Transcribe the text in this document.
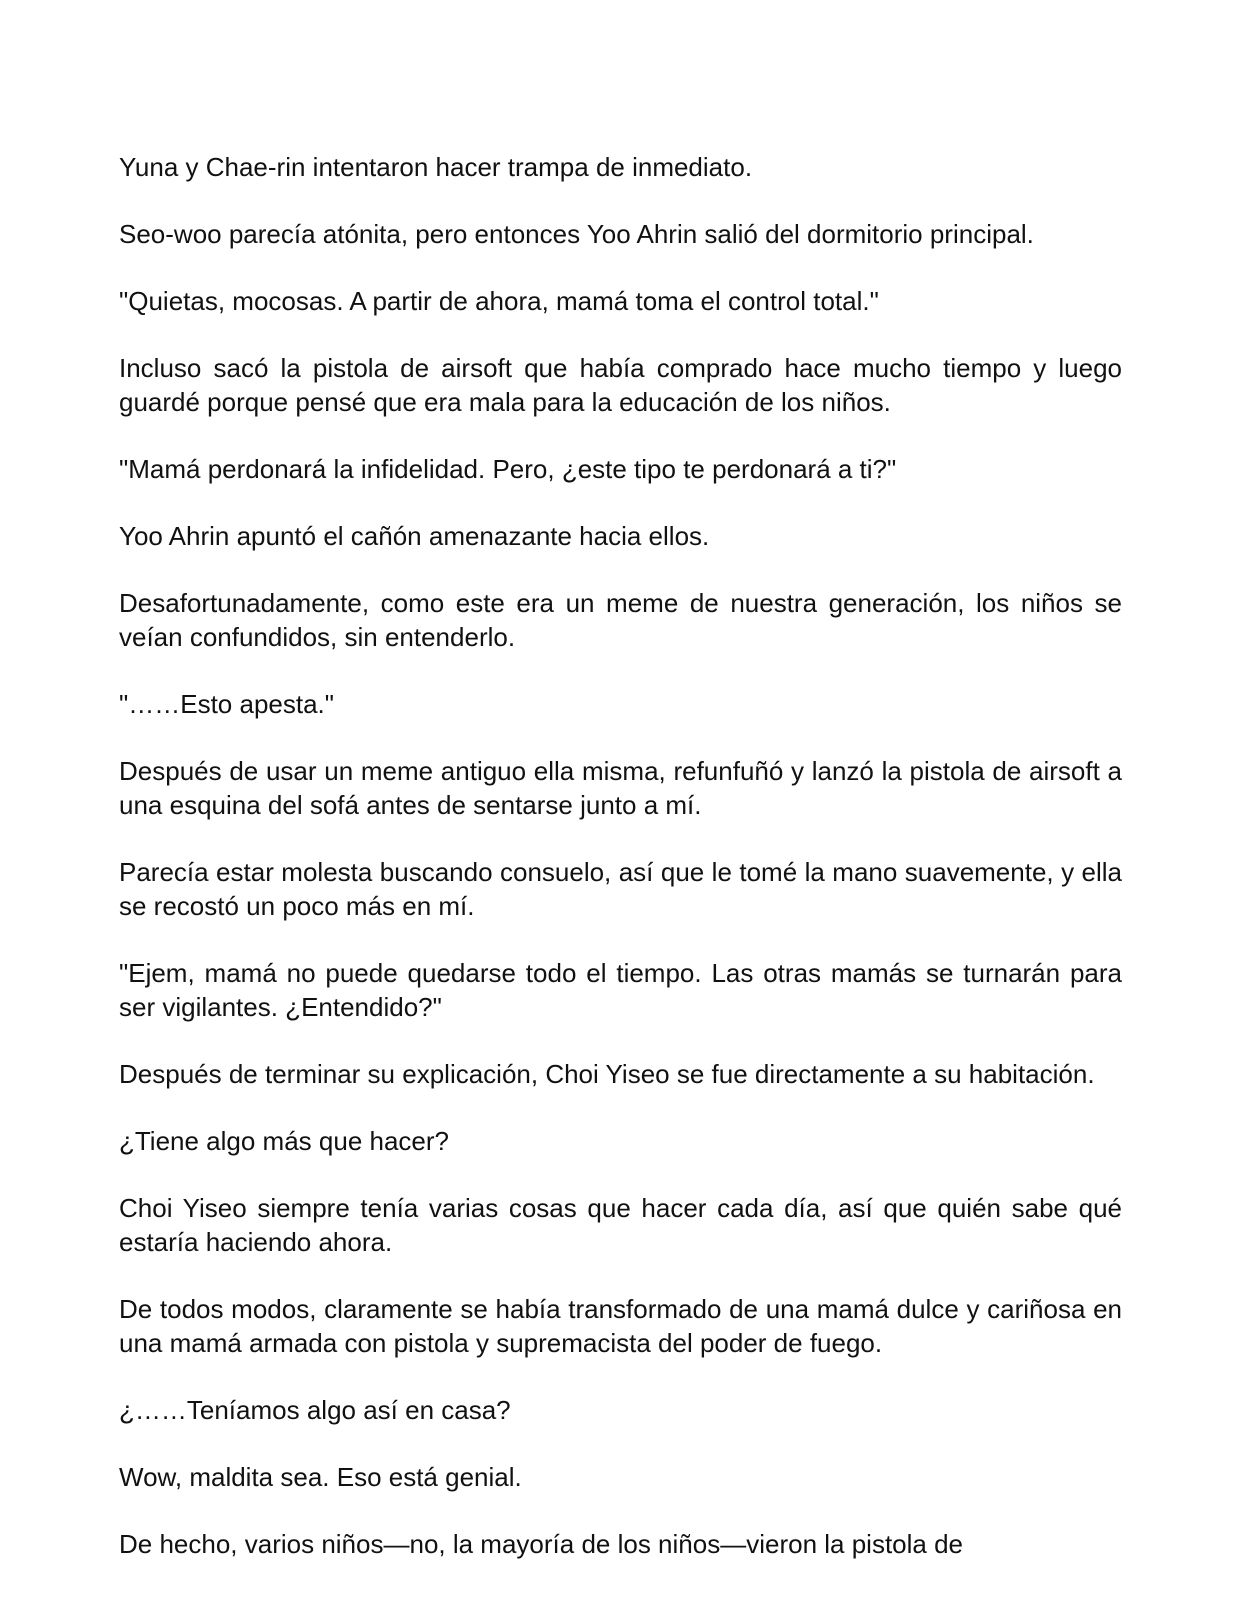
Yuna y Chae-rin intentaron hacer trampa de inmediato.

Seo-woo parecía atónita, pero entonces Yoo Ahrin salió del dormitorio principal.

"Quietas, mocosas. A partir de ahora, mamá toma el control total."

Incluso sacó la pistola de airsoft que había comprado hace mucho tiempo y luego guardé porque pensé que era mala para la educación de los niños.

"Mamá perdonará la infidelidad. Pero, ¿este tipo te perdonará a ti?"

Yoo Ahrin apuntó el cañón amenazante hacia ellos.

Desafortunadamente, como este era un meme de nuestra generación, los niños se veían confundidos, sin entenderlo.

"……Esto apesta."

Después de usar un meme antiguo ella misma, refunfuñó y lanzó la pistola de airsoft a una esquina del sofá antes de sentarse junto a mí.

Parecía estar molesta buscando consuelo, así que le tomé la mano suavemente, y ella se recostó un poco más en mí.

"Ejem, mamá no puede quedarse todo el tiempo. Las otras mamás se turnarán para ser vigilantes. ¿Entendido?"

Después de terminar su explicación, Choi Yiseo se fue directamente a su habitación.

¿Tiene algo más que hacer?

Choi Yiseo siempre tenía varias cosas que hacer cada día, así que quién sabe qué estaría haciendo ahora.

De todos modos, claramente se había transformado de una mamá dulce y cariñosa en una mamá armada con pistola y supremacista del poder de fuego.

¿……Teníamos algo así en casa?

Wow, maldita sea. Eso está genial.

De hecho, varios niños—no, la mayoría de los niños—vieron la pistola de
